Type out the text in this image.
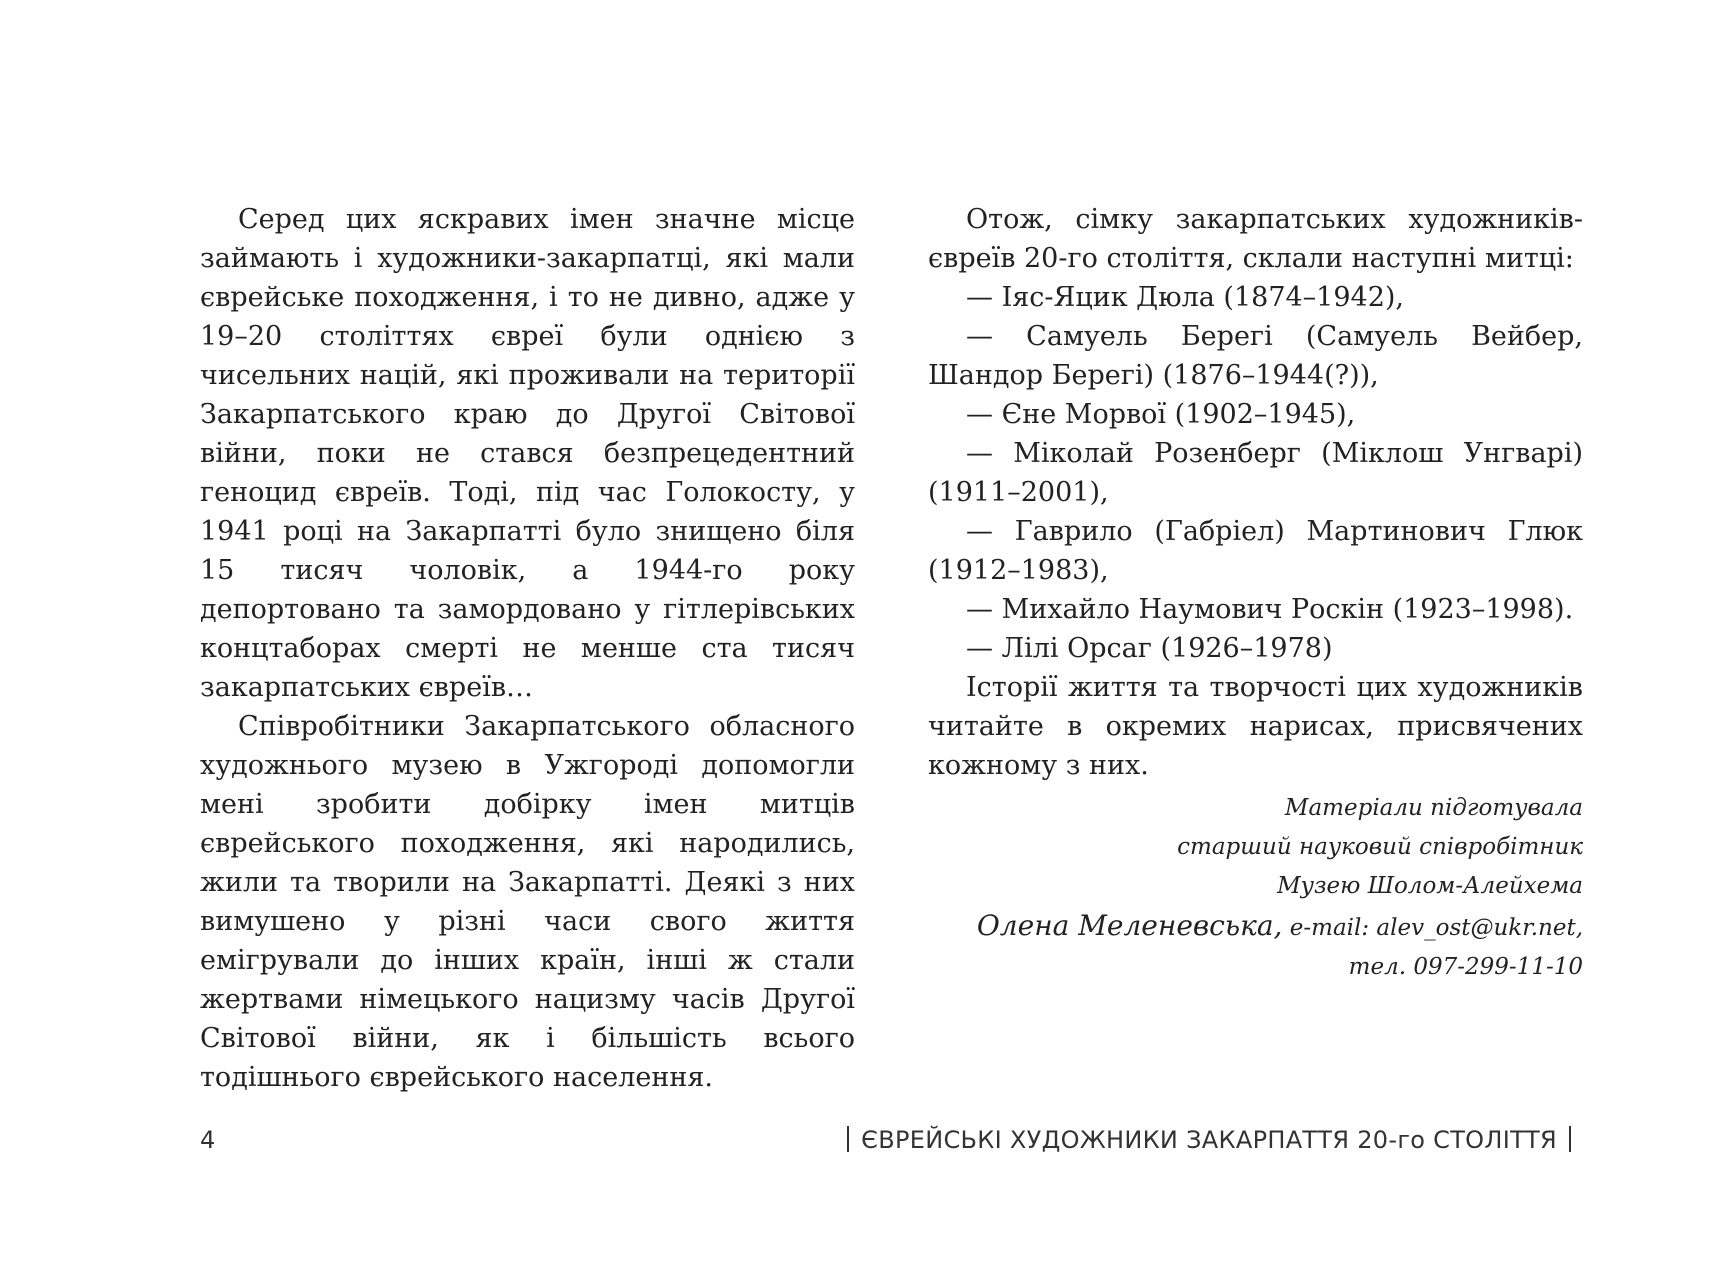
Серед цих яскравих імен значне місце займають і художники-закарпатці, які мали єврейське походження, і то не дивно, адже у 19–20 століттях євреї були однією з чисельних націй, які проживали на території Закарпатського краю до Другої Світової війни, поки не стався безпрецедентний геноцид євреїв. Тоді, під час Голокосту, у 1941 році на Закарпатті було знищено біля 15 тисяч чоловік, а 1944-го року депортовано та замордовано у гітлерівських концтаборах смерті не менше ста тисяч закарпатських євреїв…

Співробітники Закарпатського обласного художнього музею в Ужгороді допомогли мені зробити добірку імен митців єврейського походження, які народились, жили та творили на Закарпатті. Деякі з них вимушено у різні часи свого життя емігрували до інших країн, інші ж стали жертвами німецького нацизму часів Другої Світової війни, як і більшість всього тодішнього єврейського населення.

Отож, сімку закарпатських художників-євреїв 20-го століття, склали наступні митці:

— Іяс-Яцик Дюла (1874–1942),

— Самуель Берегі (Самуель Вейбер, Шандор Берегі) (1876–1944(?)),

— Єне Морвої (1902–1945),

— Міколай Розенберг (Міклош Унгварі) (1911–2001),

— Гаврило (Габріел) Мартинович Глюк (1912–1983),

— Михайло Наумович Роскін (1923–1998).

— Лілі Орсаг (1926–1978)

Історії життя та творчості цих художників читайте в окремих нарисах, присвячених кожному з них.

Матеріали підготувала

старший науковий співробітник

Музею Шолом-Алейхема

Олена Меленевська, e-mail: alev_ost@ukr.net,

тел. 097-299-11-10

4	ЄВРЕЙСЬКІ ХУДОЖНИКИ ЗАКАРПАТТЯ 20-го СТОЛІТТЯ
